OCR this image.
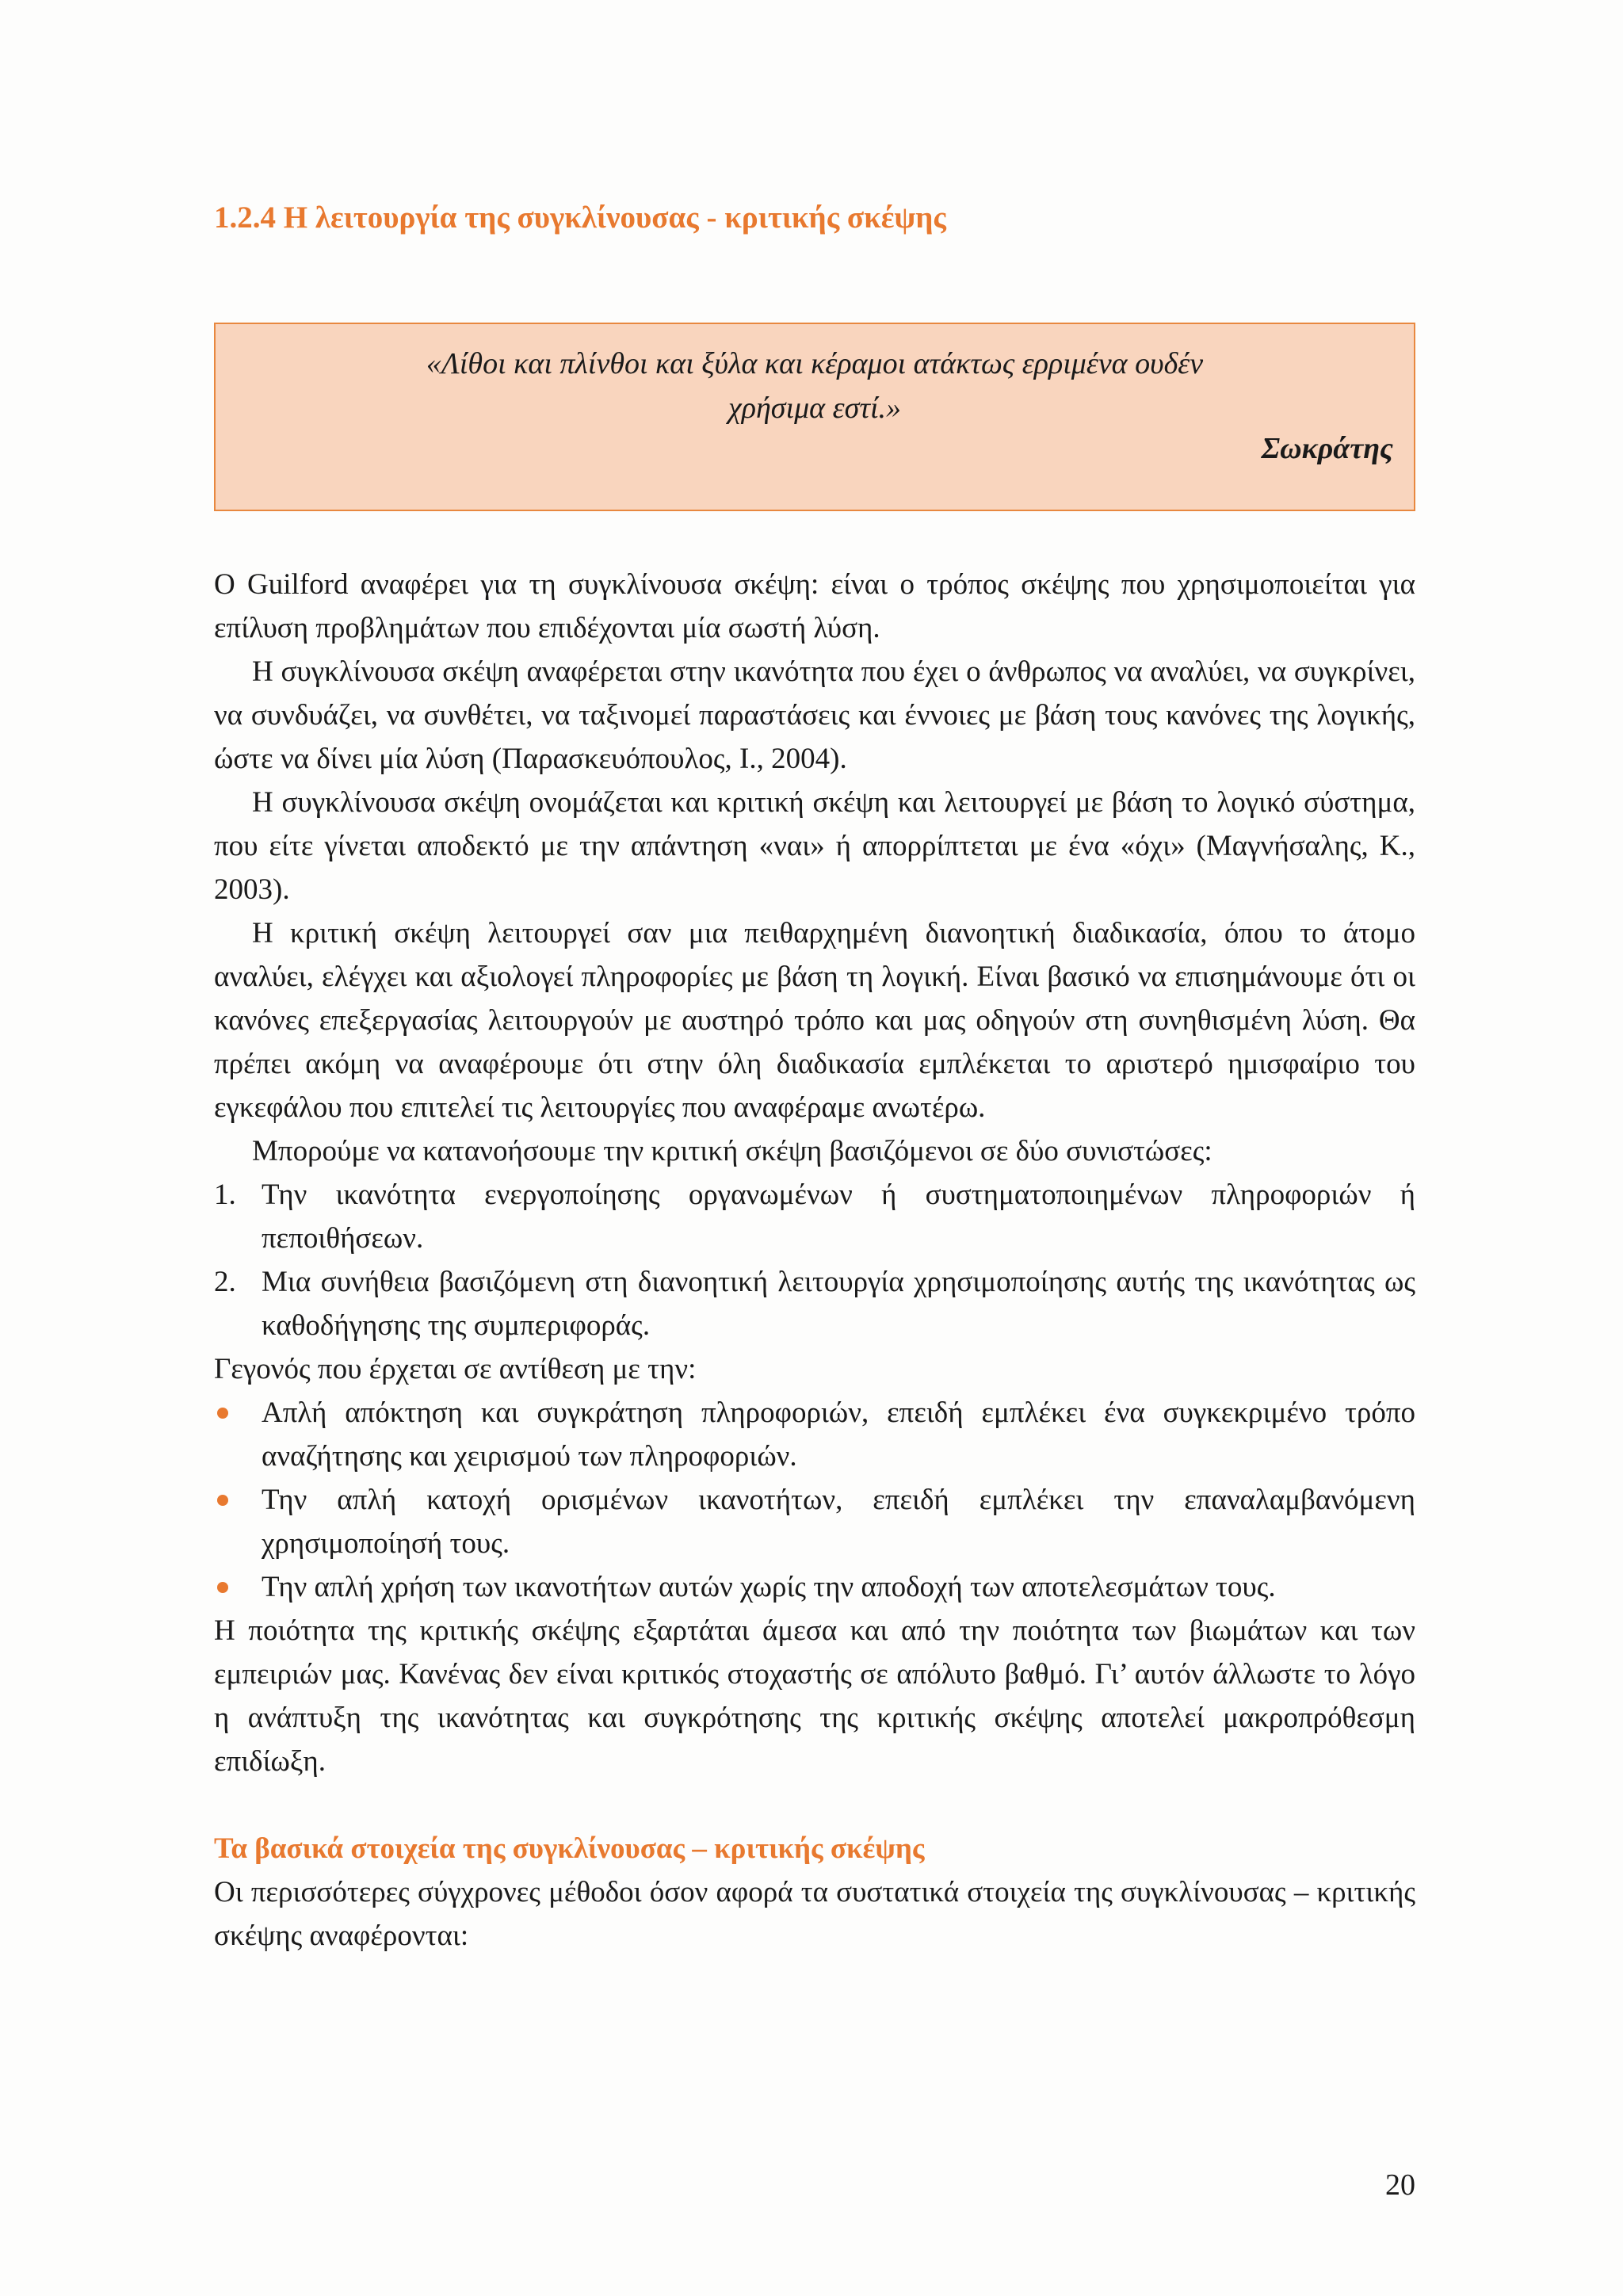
1.2.4 Η λειτουργία της συγκλίνουσας - κριτικής σκέψης
«Λίθοι και πλίνθοι και ξύλα και κέραμοι ατάκτως ερριμένα ουδέν
χρήσιμα εστί.»
Σωκράτης

Ο Guilford αναφέρει για τη συγκλίνουσα σκέψη: είναι ο τρόπος σκέψης που χρησιμοποιείται για επίλυση προβλημάτων που επιδέχονται μία σωστή λύση.

Η συγκλίνουσα σκέψη αναφέρεται στην ικανότητα που έχει ο άνθρωπος να αναλύει, να συγκρίνει, να συνδυάζει, να συνθέτει, να ταξινομεί παραστάσεις και έννοιες με βάση τους κανόνες της λογικής, ώστε να δίνει μία λύση (Παρασκευόπουλος, Ι., 2004).

Η συγκλίνουσα σκέψη ονομάζεται και κριτική σκέψη και λειτουργεί με βάση το λογικό σύστημα, που είτε γίνεται αποδεκτό με την απάντηση «ναι» ή απορρίπτεται με ένα «όχι» (Μαγνήσαλης, Κ., 2003).

Η κριτική σκέψη λειτουργεί σαν μια πειθαρχημένη διανοητική διαδικασία, όπου το άτομο αναλύει, ελέγχει και αξιολογεί πληροφορίες με βάση τη λογική. Είναι βασικό να επισημάνουμε ότι οι κανόνες επεξεργασίας λειτουργούν με αυστηρό τρόπο και μας οδηγούν στη συνηθισμένη λύση. Θα πρέπει ακόμη να αναφέρουμε ότι στην όλη διαδικασία εμπλέκεται το αριστερό ημισφαίριο του εγκεφάλου που επιτελεί τις λειτουργίες που αναφέραμε ανωτέρω.

Μπορούμε να κατανοήσουμε την κριτική σκέψη βασιζόμενοι σε δύο συνιστώσες:

1. Την ικανότητα ενεργοποίησης οργανωμένων ή συστηματοποιημένων πληροφοριών ή πεποιθήσεων.
2. Μια συνήθεια βασιζόμενη στη διανοητική λειτουργία χρησιμοποίησης αυτής της ικανότητας ως καθοδήγησης της συμπεριφοράς.

Γεγονός που έρχεται σε αντίθεση με την:

Απλή απόκτηση και συγκράτηση πληροφοριών, επειδή εμπλέκει ένα συγκεκριμένο τρόπο αναζήτησης και χειρισμού των πληροφοριών.
Την απλή κατοχή ορισμένων ικανοτήτων, επειδή εμπλέκει την επαναλαμβανόμενη χρησιμοποίησή τους.
Την απλή χρήση των ικανοτήτων αυτών χωρίς την αποδοχή των αποτελεσμάτων τους.

Η ποιότητα της κριτικής σκέψης εξαρτάται άμεσα και από την ποιότητα των βιωμάτων και των εμπειριών μας. Κανένας δεν είναι κριτικός στοχαστής σε απόλυτο βαθμό. Γι’ αυτόν άλλωστε το λόγο η ανάπτυξη της ικανότητας και συγκρότησης της κριτικής σκέψης αποτελεί μακροπρόθεσμη επιδίωξη.

Τα βασικά στοιχεία της συγκλίνουσας – κριτικής σκέψης

Οι περισσότερες σύγχρονες μέθοδοι όσον αφορά τα συστατικά στοιχεία της συγκλίνουσας – κριτικής σκέψης αναφέρονται:

20
